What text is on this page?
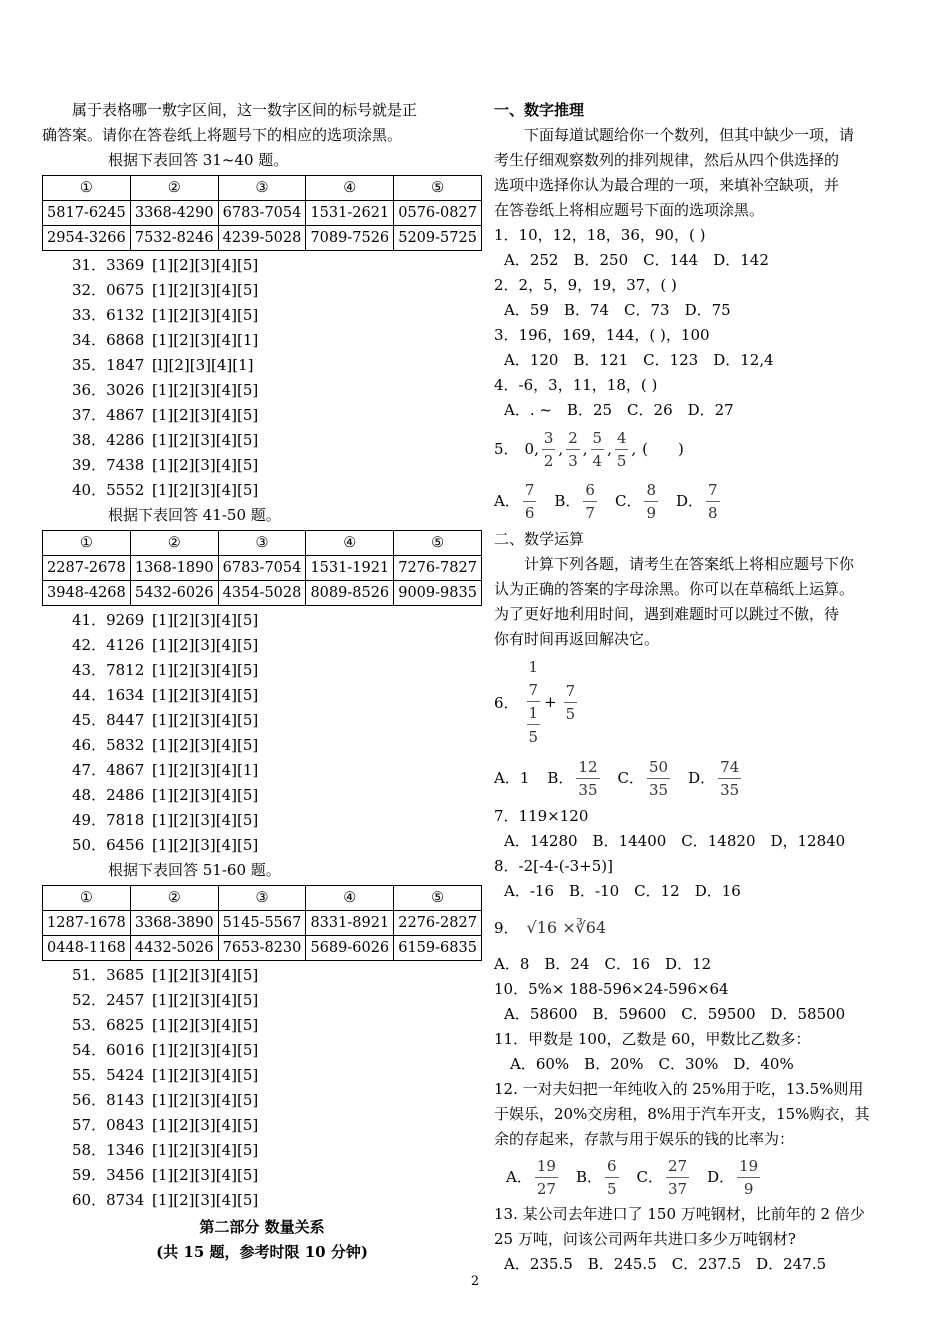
属于表格哪一敷字区间，这一数字区间的标号就是正
确答案。请你在答卷纸上将题号下的相应的选项涂黑。
根据下表回答 31~40 题。
①	②	③	④	⑤
5817-6245	3368-4290	6783-7054	1531-2621	0576-0827
2954-3266	7532-8246	4239-5028	7089-7526	5209-5725
31．3369 [1][2][3][4][5]
32．0675 [1][2][3][4][5]
33．6132 [1][2][3][4][5]
34．6868 [1][2][3][4][1]
35．1847 [l][2][3][4][1]
36．3026 [1][2][3][4][5]
37．4867 [1][2][3][4][5]
38．4286 [1][2][3][4][5]
39．7438 [1][2][3][4][5]
40．5552 [1][2][3][4][5]
根据下表回答 41-50 题。
①	②	③	④	⑤
2287-2678	1368-1890	6783-7054	1531-1921	7276-7827
3948-4268	5432-6026	4354-5028	8089-8526	9009-9835
41．9269 [1][2][3][4][5]
42．4126 [1][2][3][4][5]
43．7812 [1][2][3][4][5]
44．1634 [1][2][3][4][5]
45．8447 [1][2][3][4][5]
46．5832 [1][2][3][4][5]
47．4867 [1][2][3][4][1]
48．2486 [1][2][3][4][5]
49．7818 [1][2][3][4][5]
50．6456 [1][2][3][4][5]
根据下表回答 51-60 题。
①	②	③	④	⑤
1287-1678	3368-3890	5145-5567	8331-8921	2276-2827
0448-1168	4432-5026	7653-8230	5689-6026	6159-6835
51．3685 [1][2][3][4][5]
52．2457 [1][2][3][4][5]
53．6825 [1][2][3][4][5]
54．6016 [1][2][3][4][5]
55．5424 [1][2][3][4][5]
56．8143 [1][2][3][4][5]
57．0843 [1][2][3][4][5]
58．1346 [1][2][3][4][5]
59．3456 [1][2][3][4][5]
60．8734 [1][2][3][4][5]
第二部分 数量关系
(共 15 题，参考时限 10 分钟)
一、数字推理
　　下面每道试题给你一个数列，但其中缺少一项，请
考生仔细观察数列的排列规律，然后从四个供选择的
选项中选择你认为最合理的一项，来填补空缺项，并
在答卷纸上将相应题号下面的选项涂黑。
1．10，12，18，36，90，( )
A．252　B．250　C．144　D．142
2．2，5，9，19，37，( )
A．59　B．74　C．73　D．75
3．196，169，144，( )，100
A．120　B．121　C．123　D．12,4
4．-6，3，11，18，( )
A．. ~　B．25　C．26　D．27
5． 0, $\frac{3}{2}$ , $\frac{2}{3}$ , $\frac{5}{4}$ , $\frac{4}{5}$ , (　　)
A． $\frac{7}{6}$ B． $\frac{6}{7}$ C． $\frac{8}{9}$ D． $\frac{7}{8}$
二、数学运算
　　计算下列各题，请考生在答案纸上将相应题号下你
认为正确的答案的字母涂黑。你可以在草稿纸上运算。
为了更好地利用时间，遇到难题时可以跳过不傲，待
你有时间再返回解决它。
6．
1
$\frac{7}{1}$
5
+ $\frac{7}{5}$
A．1 B． $\frac{12}{35}$ C． $\frac{50}{35}$ D． $\frac{74}{35}$
7．119×120
A．14280　B．14400　C．14820　D，12840
8．-2[-4-(-3+5)]
A．-16　B．-10　C．12　D．16
9． √16 ×∛64
A．8　B．24　C．16　D．12
10．5%× 188-596×24-596×64
A．58600　B．59600　C．59500　D．58500
11．甲数是 100，乙数是 60，甲数比乙数多：
A．60%　B．20%　C．30%　D．40%
12. 一对夫妇把一年纯收入的 25%用于吃，13.5%则用
于娱乐，20%交房租，8%用于汽车开支，15%购衣，其
余的存起来，存款与用于娱乐的钱的比率为：
A． $\frac{19}{27}$ B． $\frac{6}{5}$ C． $\frac{27}{37}$ D． $\frac{19}{9}$
13. 某公司去年进口了 150 万吨钢材，比前年的 2 倍少
25 万吨，问该公司两年共进口多少万吨钢材?
A．235.5　B．245.5　C．237.5　D．247.5
2
